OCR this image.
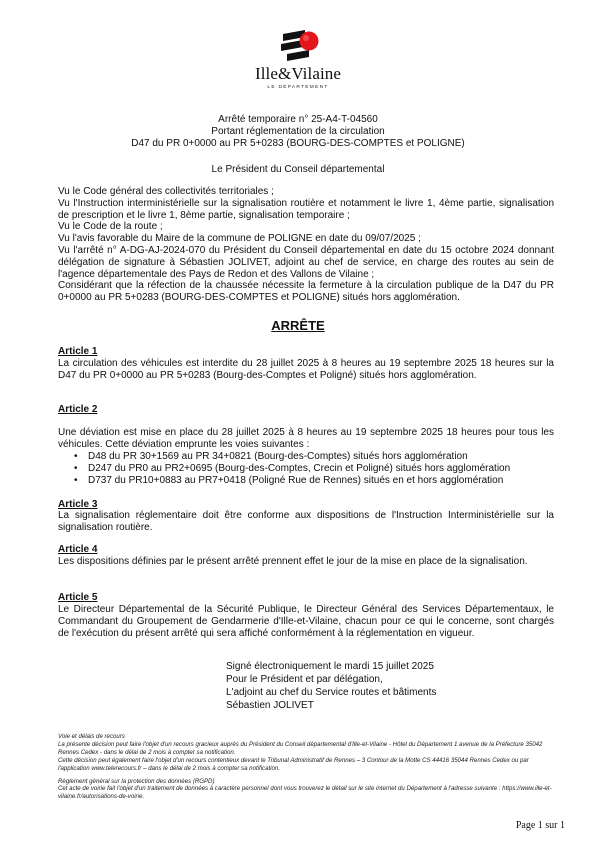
Ille&Vilaine
LE DÉPARTEMENT
Arrêté temporaire n° 25-A4-T-04560
Portant réglementation de la circulation
D47 du PR 0+0000 au PR 5+0283 (BOURG-DES-COMPTES et POLIGNE)
Le Président du Conseil départemental

Vu le Code général des collectivités territoriales ;

Vu l'Instruction interministérielle sur la signalisation routière et notamment le livre 1, 4ème partie, signalisation de prescription et le livre 1, 8ème partie, signalisation temporaire ;

Vu le Code de la route ;

Vu l'avis favorable du Maire de la commune de POLIGNE en date du 09/07/2025 ;

Vu l'arrêté n° A-DG-AJ-2024-070 du Président du Conseil départemental en date du 15 octobre 2024 donnant délégation de signature à Sébastien JOLIVET, adjoint au chef de service, en charge des routes au sein de l'agence départementale des Pays de Redon et des Vallons de Vilaine ;

Considérant que la réfection de la chaussée nécessite la fermeture à la circulation publique de la D47 du PR 0+0000 au PR 5+0283 (BOURG-DES-COMPTES et POLIGNE) situés hors agglomération.

ARRÊTE
Article 1

La circulation des véhicules est interdite du 28 juillet 2025 à 8 heures au 19 septembre 2025 18 heures sur la D47 du PR 0+0000 au PR 5+0283 (Bourg-des-Comptes et Poligné) situés hors agglomération.

Article 2

Une déviation est mise en place du 28 juillet 2025 à 8 heures au 19 septembre 2025 18 heures pour tous les véhicules. Cette déviation emprunte les voies suivantes :

• D48 du PR 30+1569 au PR 34+0821 (Bourg-des-Comptes) situés hors agglomération
• D247 du PR0 au PR2+0695 (Bourg-des-Comptes, Crecin et Poligné) situés hors agglomération
• D737 du PR10+0883 au PR7+0418 (Poligné Rue de Rennes) situés en et hors agglomération
Article 3

La signalisation réglementaire doit être conforme aux dispositions de l'Instruction Interministérielle sur la signalisation routière.

Article 4

Les dispositions définies par le présent arrêté prennent effet le jour de la mise en place de la signalisation.

Article 5

Le Directeur Départemental de la Sécurité Publique, le Directeur Général des Services Départementaux, le Commandant du Groupement de Gendarmerie d'Ille-et-Vilaine, chacun pour ce qui le concerne, sont chargés de l'exécution du présent arrêté qui sera affiché conformément à la réglementation en vigueur.

Signé électroniquement le mardi 15 juillet 2025
Pour le Président et par délégation,
L'adjoint au chef du Service routes et bâtiments
Sébastien JOLIVET

Voie et délais de recours

La présente décision peut faire l'objet d'un recours gracieux auprès du Président du Conseil départemental d'Ille-et-Vilaine - Hôtel du Département 1 avenue de la Préfecture 35042 Rennes Cedex - dans le délai de 2 mois à compter sa notification.

Cette décision peut également faire l'objet d'un recours contentieux devant le Tribunal Administratif de Rennes – 3 Contour de la Motte CS 44416 35044 Rennes Cedex ou par l'application www.telerecours.fr – dans le délai de 2 mois à compter sa notification.

Règlement général sur la protection des données (RGPD)

Cet acte de voirie fait l'objet d'un traitement de données à caractère personnel dont vous trouverez le détail sur le site internet du Département à l'adresse suivante : https://www.ille-et-vilaine.fr/autorisations-de-voirie.

Page 1 sur 1
